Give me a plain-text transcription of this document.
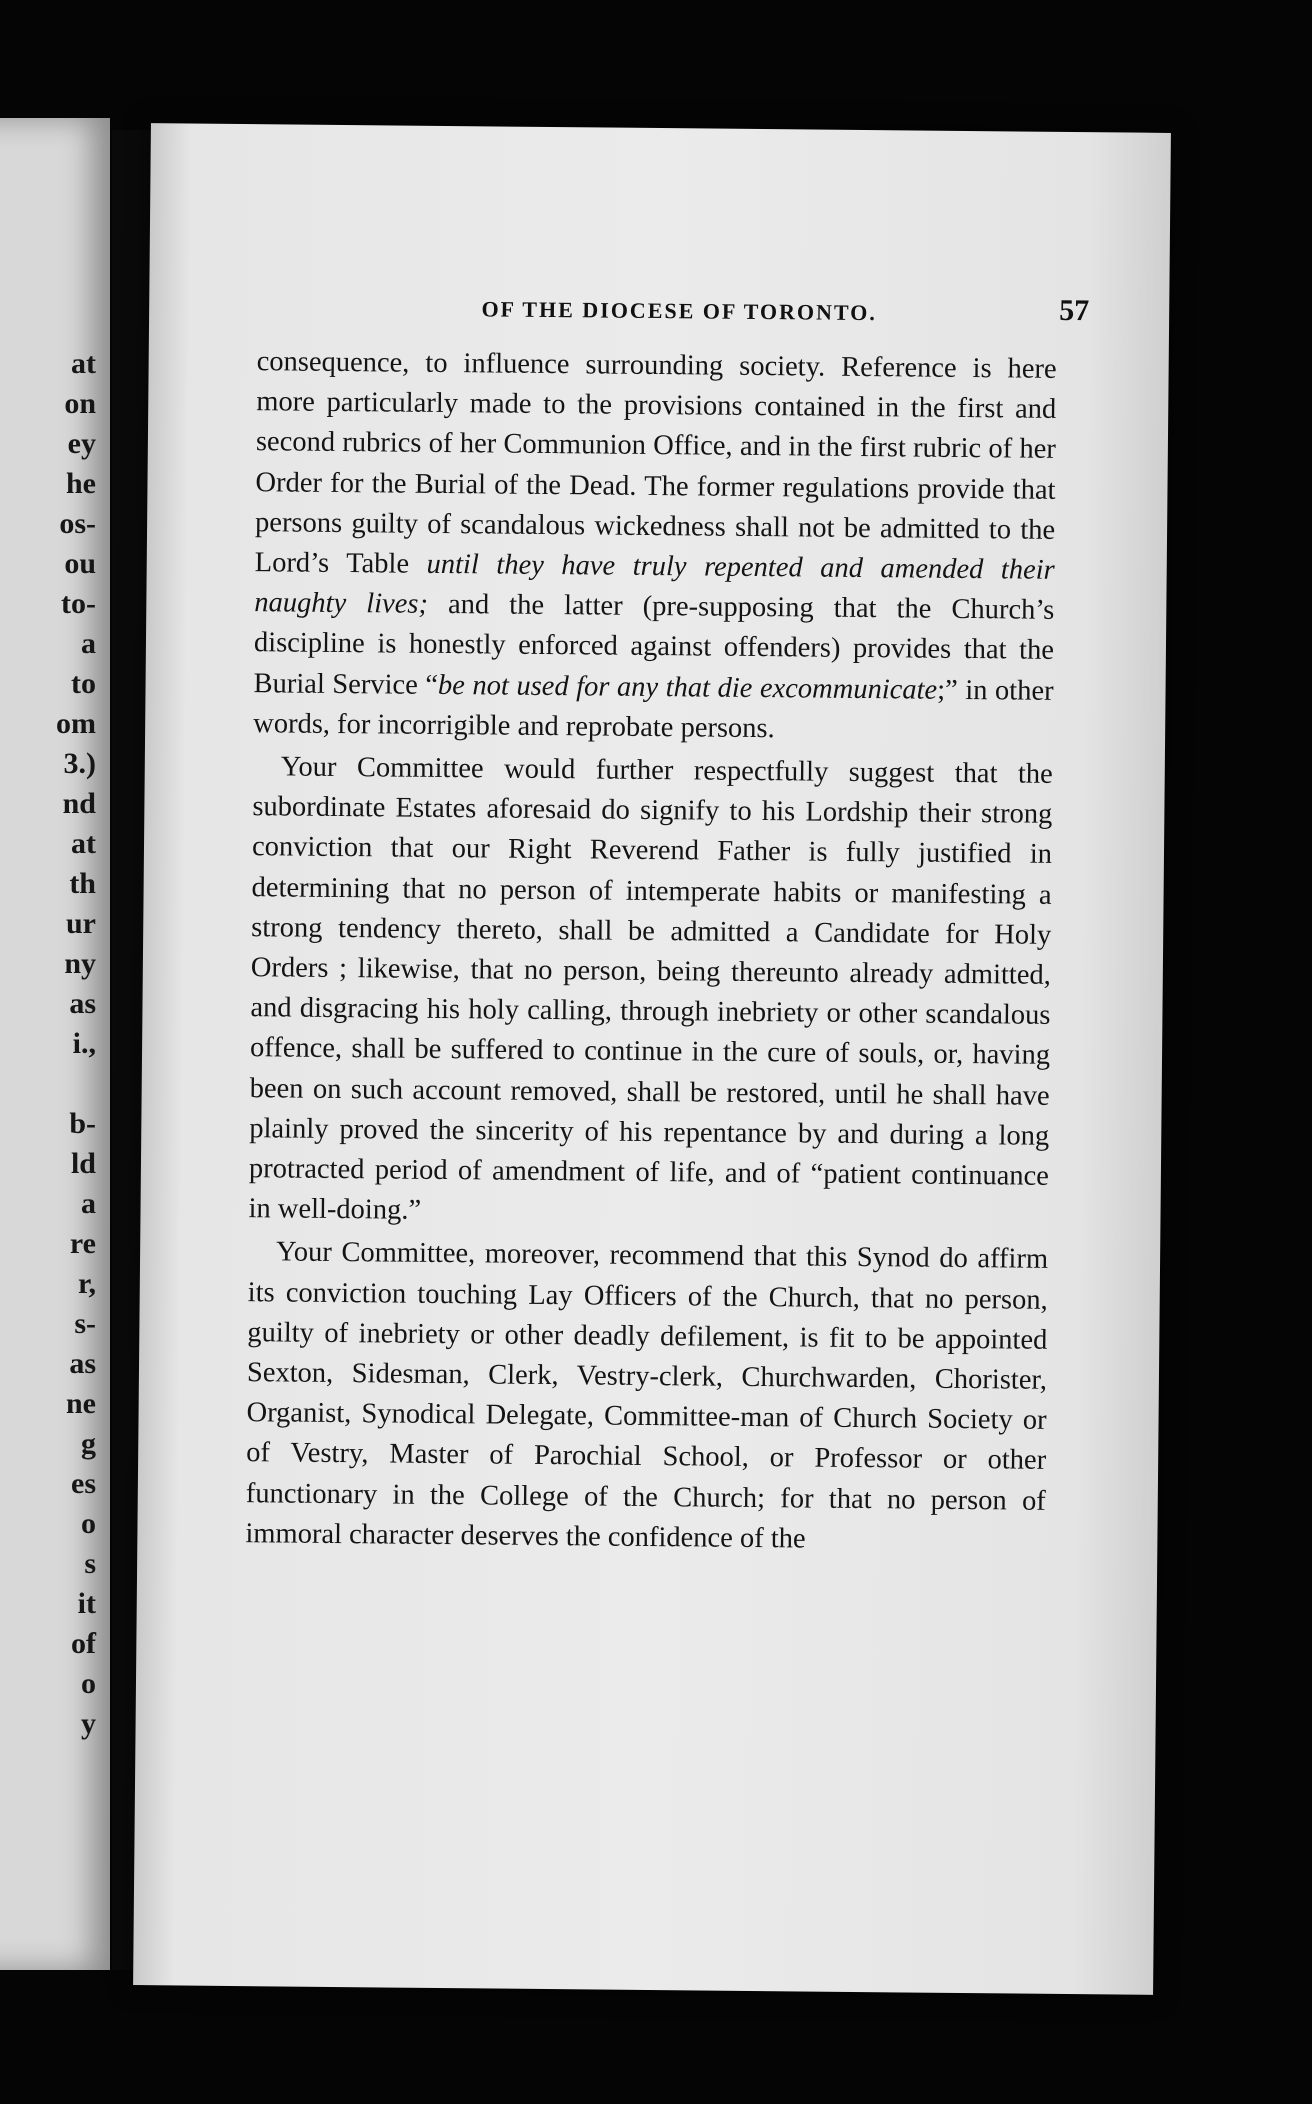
at
on
ey
he
os-
ou
to-
a
to
om
3.)
nd
at
th
ur
ny
as
i.,
b-
ld
a
re
r,
s-
as
ne
g
es
o
s
it
of
o
y
OF THE DIOCESE OF TORONTO.	57

consequence, to influence surrounding society. Reference is here more particularly made to the provisions contained in the first and second rubrics of her Communion Office, and in the first rubric of her Order for the Burial of the Dead. The former regulations provide that persons guilty of scandalous wickedness shall not be admitted to the Lord’s Table until they have truly repented and amended their naughty lives; and the latter (pre-supposing that the Church’s discipline is honestly enforced against offenders) provides that the Burial Service “be not used for any that die excommunicate;” in other words, for incorrigible and reprobate persons.

Your Committee would further respectfully suggest that the subordinate Estates aforesaid do signify to his Lordship their strong conviction that our Right Reverend Father is fully justified in determining that no person of intemperate habits or manifesting a strong tendency thereto, shall be admitted a Candidate for Holy Orders ; likewise, that no person, being thereunto already admitted, and disgracing his holy calling, through inebriety or other scandalous offence, shall be suffered to continue in the cure of souls, or, having been on such account removed, shall be restored, until he shall have plainly proved the sincerity of his repentance by and during a long protracted period of amendment of life, and of “patient continuance in well-doing.”

Your Committee, moreover, recommend that this Synod do affirm its conviction touching Lay Officers of the Church, that no person, guilty of inebriety or other deadly defilement, is fit to be appointed Sexton, Sidesman, Clerk, Vestry-clerk, Churchwarden, Chorister, Organist, Synodical Delegate, Committee-man of Church Society or of Vestry, Master of Parochial School, or Professor or other functionary in the College of the Church; for that no person of immoral character deserves the confidence of the
